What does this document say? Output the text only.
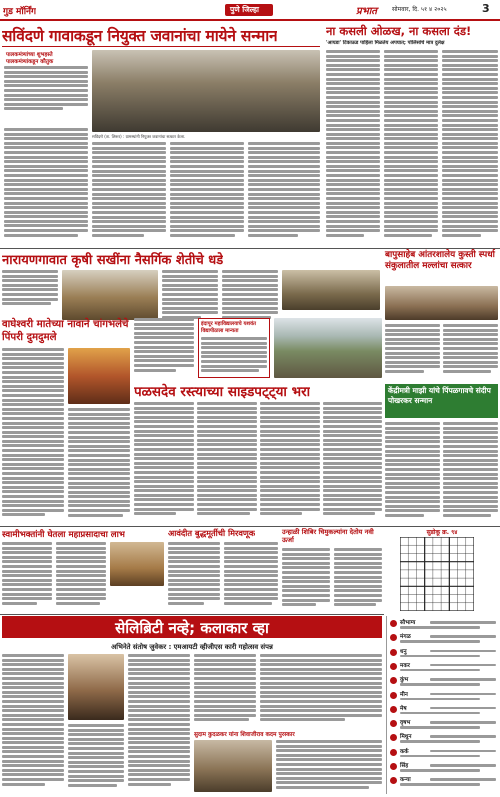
गुड मॉर्निंग	पुणे जिल्हा	प्रभात सोमवार, दि. ५१ ४ २०२५	3
सविंदणे गावाकडून नियुक्त जवानांचा मायेने सन्मान
पालकमंत्र्यांच्या शुभहस्ते
पालकमंत्र्यांकडून कौतुक
सविंदणे (ता. शिरूर) : ग्रामस्थांनी नियुक्त जवानांचा सत्कार केला.
ना कसली ओळख, ना कसला दंड!
'आयडा' टिकाऊड पाहिला मिळतेय अपघात; पोलिसांचे मात्र दुर्लक्ष
नारायणगावात कृषी सखींना नैसर्गिक शेतीचे धडे	बापुसाहेब आंतरशालेय कुस्ती स्पर्धा संकुलातील मल्लांचा सत्कार
वाघेश्वरी मातेच्या नावाने चांगभलेचे पिंपरी दुमदुमले
इंदापूर महाविद्यालयाचे यशवंत विद्यापीठाला मान्यता
पळसदेव रस्त्याच्या साइडपट्ट्या भरा	केंद्रीमत्री माझी यांचे पिंपळगावचे संदीप पोखरकर सन्मान
स्वामीभक्तांनी घेतला महाप्रसादाचा लाभ	आवंदीत बुद्धमूर्तीची मिरवणूक	उन्हाळी शिबिर चिमुकल्यांना देतोय नवी ऊर्जा
सुडोकू क्र. ९४
सेलिब्रिटी नव्हे; कलाकार व्हा
अभिनेते संतोष जुवेकर : एमआयटी व्हीजीएस कारी गहोत्सव संपन्न
सुदाम कुदळकर यांना शिवाजीराव कदम पुरस्कार
सौभाग्य
मंगळ
धनु
मकर
कुंभ
मीन
मेष
वृषभ
मिथुन
कर्क
सिंह
कन्या
